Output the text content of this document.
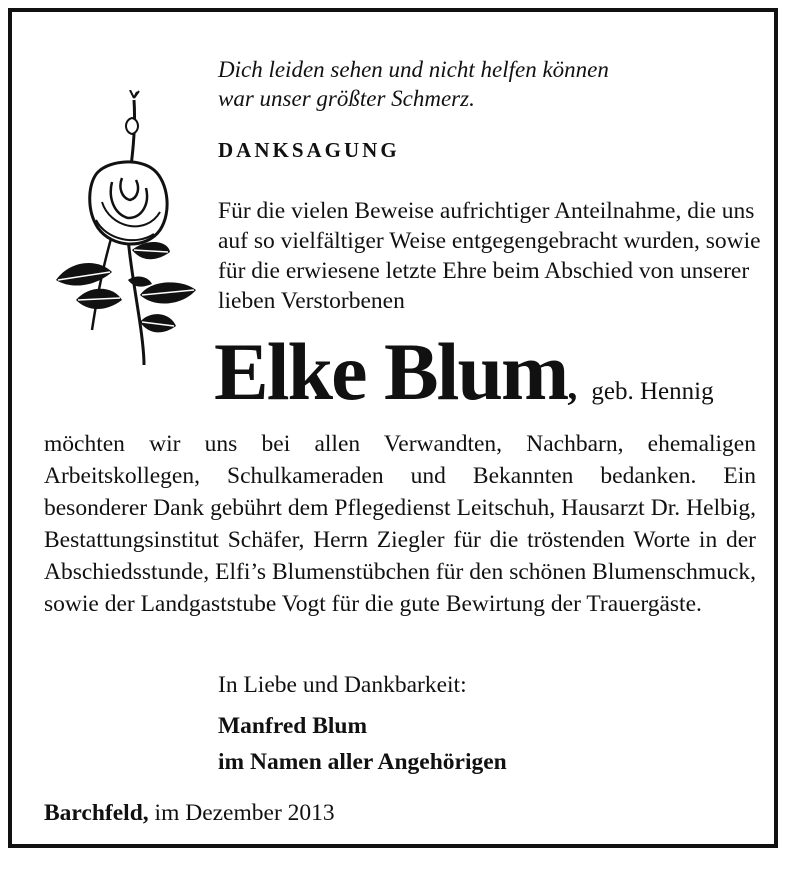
Dich leiden sehen und nicht helfen können
war unser größter Schmerz.
DANKSAGUNG
Für die vielen Beweise aufrichtiger Anteilnahme, die uns auf so vielfältiger Weise entgegengebracht wurden, sowie für die erwiesene letzte Ehre beim Abschied von unserer lieben Verstorbenen
Elke Blum, geb. Hennig
möchten wir uns bei allen Verwandten, Nachbarn, ehemaligen Arbeitskollegen, Schulkameraden und Bekannten bedanken. Ein besonderer Dank gebührt dem Pflegedienst Leitschuh, Hausarzt Dr. Helbig, Bestattungsinstitut Schäfer, Herrn Ziegler für die tröstenden Worte in der Abschiedsstunde, Elfi’s Blumenstübchen für den schönen Blumenschmuck, sowie der Landgaststube Vogt für die gute Bewirtung der Trauergäste.
In Liebe und Dankbarkeit:
Manfred Blum
im Namen aller Angehörigen
Barchfeld, im Dezember 2013
